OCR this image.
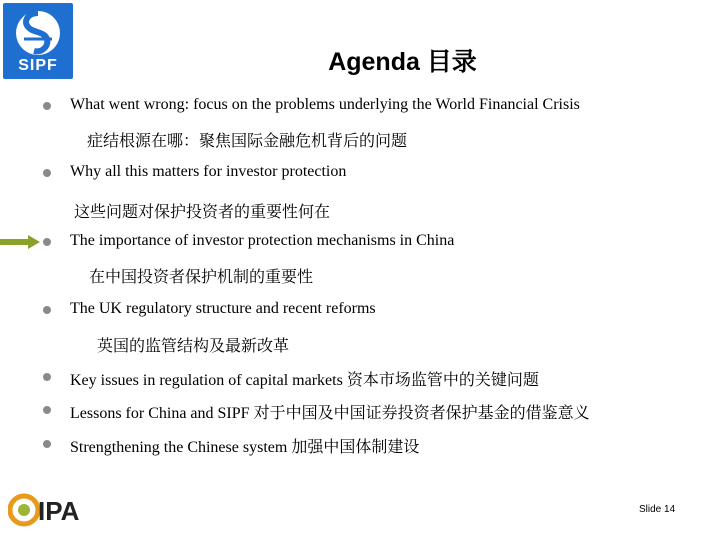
SIPF	Agenda 目录
What went wrong: focus on the problems underlying the World Financial Crisis
症结根源在哪：聚焦国际金融危机背后的问题
Why all this matters for investor protection
这些问题对保护投资者的重要性何在
The importance of investor protection mechanisms in China
在中国投资者保护机制的重要性
The UK regulatory structure and recent reforms
英国的监管结构及最新改革
Key issues in regulation of capital markets 资本市场监管中的关键问题
Lessons for China and SIPF 对于中国及中国证券投资者保护基金的借鉴意义
Strengthening the Chinese system 加强中国体制建设
IPA	Slide 14
